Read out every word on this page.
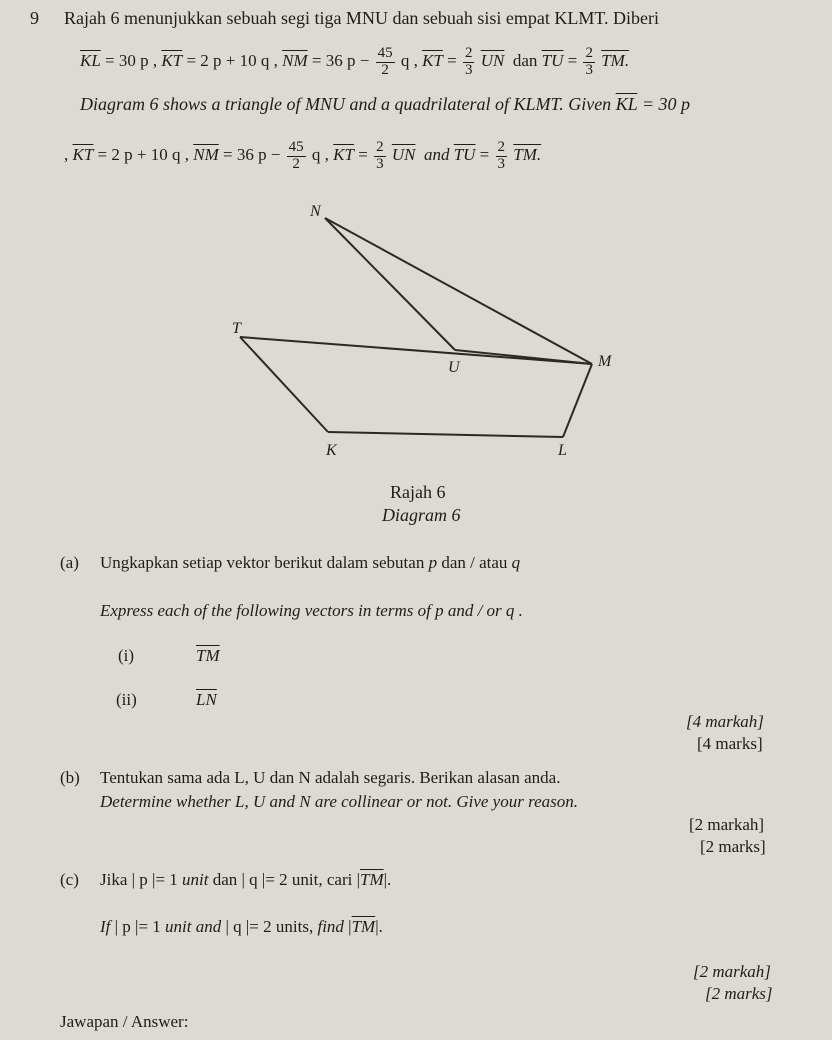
9 Rajah 6 menunjukkan sebuah segi tiga MNU dan sebuah sisi empat KLMT. Diberi
$\overline{KL} = 30$ p , $\overline{KT} = 2$ p + 10 q , $\overline{NM} = 36$ $p - \frac{45}{2}$ q , $\overline{KT} = \frac{2}{3} \overline{UN}$ dan $\overline{TU} = \frac{2}{3}$ TM.
Diagram 6 shows a triangle of MNU and a quadrilateral of KLMT. Given $\overline{KL} = 30$ p
, $\overline{KT} = 2$ p + 10 q , $\overline{NM} = 36$ $p - \frac{45}{2}$ q , $\overline{KT} = \frac{2}{3} \overline{UN}$ and $\overline{TU} = \frac{2}{3}$ TM.
N
T
U	M
K	L
Rajah 6
Diagram 6
(a) Ungkapkan setiap vektor berikut dalam sebutan p dan / atau q
Express each of the following vectors in terms of p and / or q .
(i)	$\overline{TM}$
(ii)	$\overline{LN}$
[4 markah]
[4 marks]
(b) Tentukan sama ada L, U dan N adalah segaris. Berikan alasan anda.
Determine whether L, U and N are collinear or not. Give your reason.
[2 markah]
[2 marks]
(c) Jika | p |= 1 unit dan | q |= 2 unit, cari $|\overline{TM}|$.
If | p |= 1 unit and | q |= 2 units, find $|\overline{TM}|$.
[2 markah]
[2 marks]
Jawapan / Answer:
